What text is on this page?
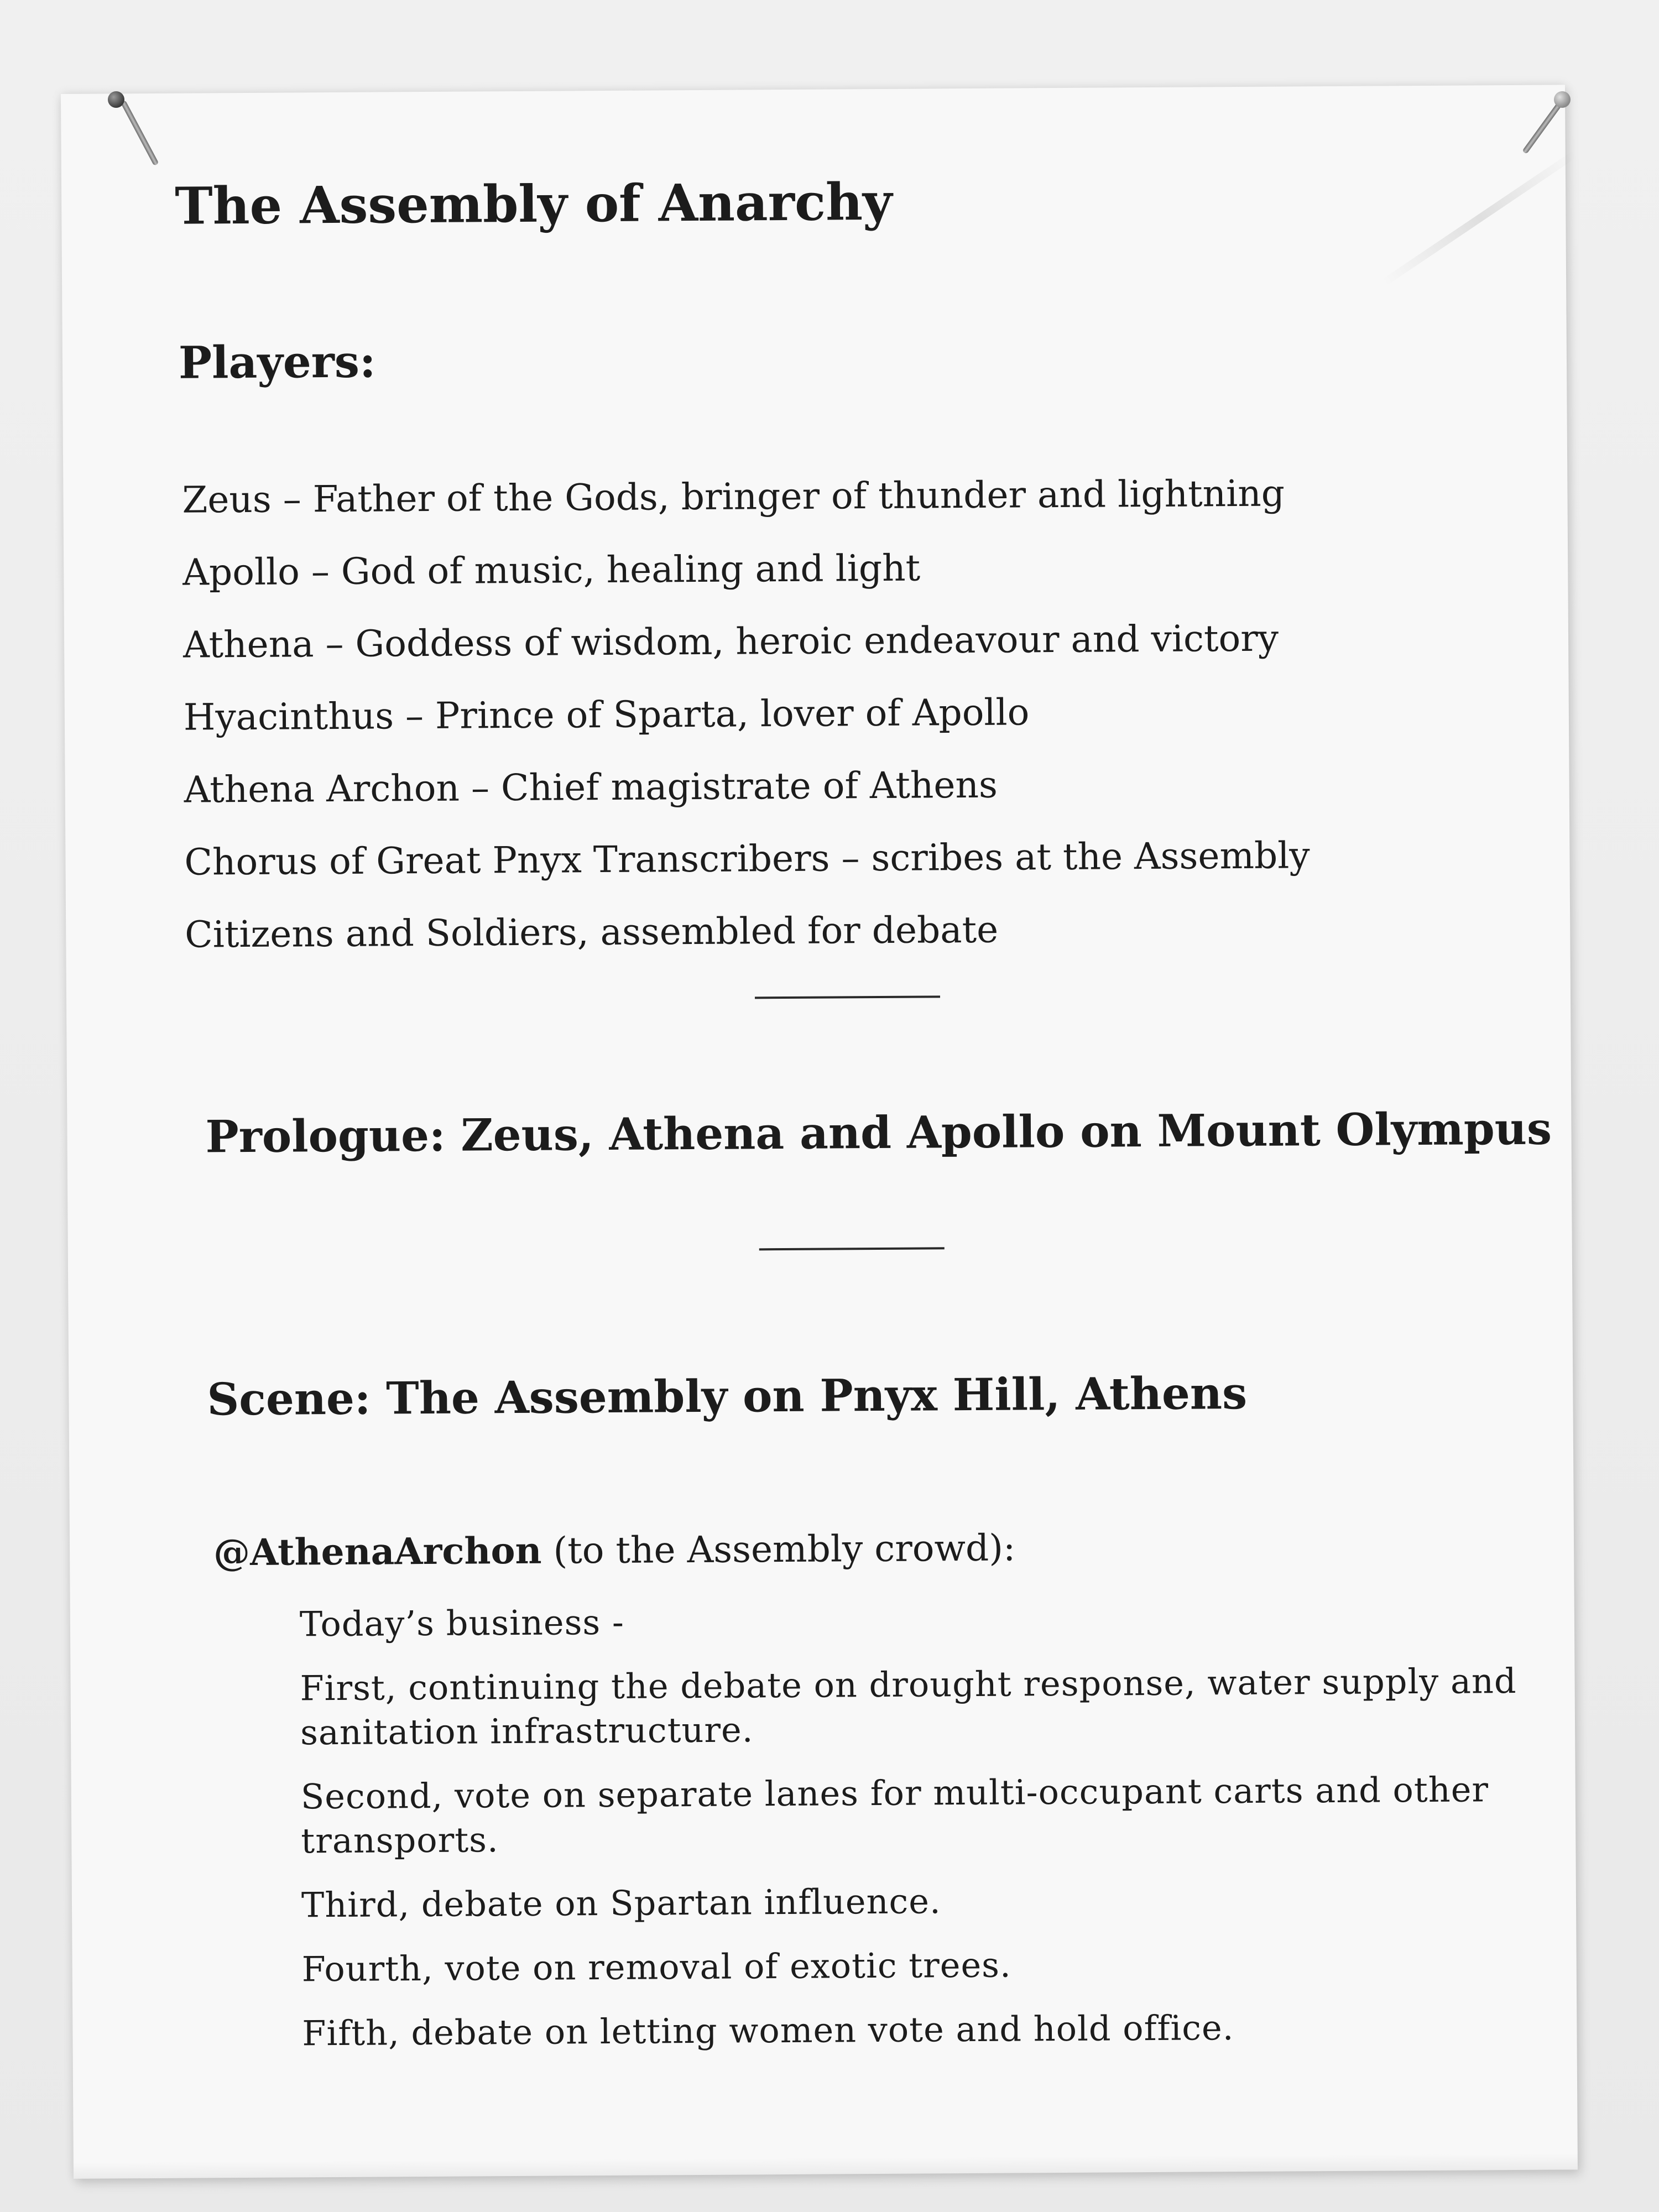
The Assembly of Anarchy
Players:
Zeus – Father of the Gods, bringer of thunder and lightning
Apollo – God of music, healing and light
Athena – Goddess of wisdom, heroic endeavour and victory
Hyacinthus – Prince of Sparta, lover of Apollo
Athena Archon – Chief magistrate of Athens
Chorus of Great Pnyx Transcribers – scribes at the Assembly
Citizens and Soldiers, assembled for debate
Prologue: Zeus, Athena and Apollo on Mount Olympus
Scene: The Assembly on Pnyx Hill, Athens

@AthenaArchon (to the Assembly crowd):

Today’s business -
First, continuing the debate on drought response, water supply and sanitation infrastructure.
Second, vote on separate lanes for multi-occupant carts and other transports.
Third, debate on Spartan influence.
Fourth, vote on removal of exotic trees.
Fifth, debate on letting women vote and hold office.
